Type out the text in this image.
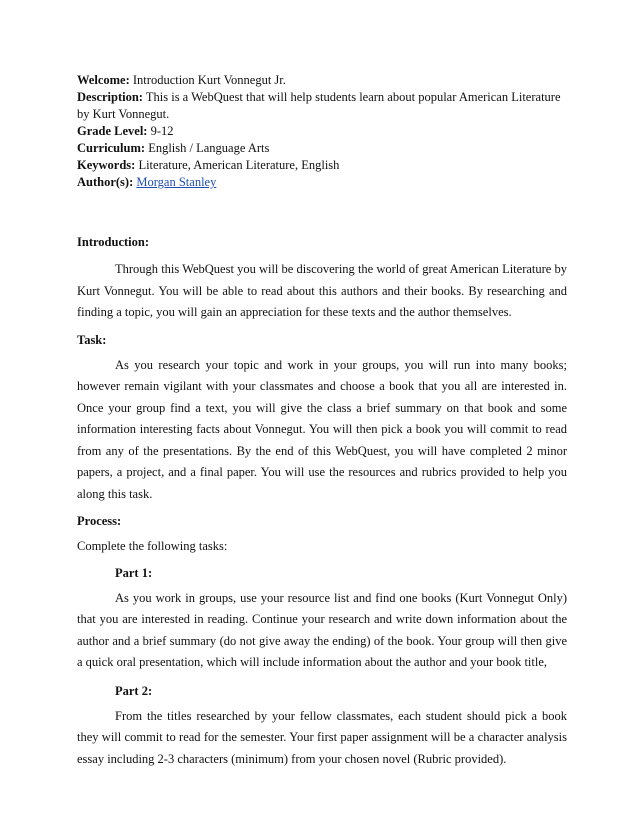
Welcome: Introduction Kurt Vonnegut Jr.

Description: This is a WebQuest that will help students learn about popular American Literature by Kurt Vonnegut.

Grade Level: 9-12

Curriculum: English / Language Arts

Keywords: Literature, American Literature, English

Author(s): Morgan Stanley

Introduction:

Through this WebQuest you will be discovering the world of great American Literature by Kurt Vonnegut. You will be able to read about this authors and their books. By researching and finding a topic, you will gain an appreciation for these texts and the author themselves.

Task:

As you research your topic and work in your groups, you will run into many books; however remain vigilant with your classmates and choose a book that you all are interested in. Once your group find a text, you will give the class a brief summary on that book and some information interesting facts about Vonnegut. You will then pick a book you will commit to read from any of the presentations. By the end of this WebQuest, you will have completed 2 minor papers, a project, and a final paper. You will use the resources and rubrics provided to help you along this task.

Process:

Complete the following tasks:

Part 1:

As you work in groups, use your resource list and find one books (Kurt Vonnegut Only) that you are interested in reading. Continue your research and write down information about the author and a brief summary (do not give away the ending) of the book. Your group will then give a quick oral presentation, which will include information about the author and your book title,

Part 2:

From the titles researched by your fellow classmates, each student should pick a book they will commit to read for the semester. Your first paper assignment will be a character analysis essay including 2-3 characters (minimum) from your chosen novel (Rubric provided).
